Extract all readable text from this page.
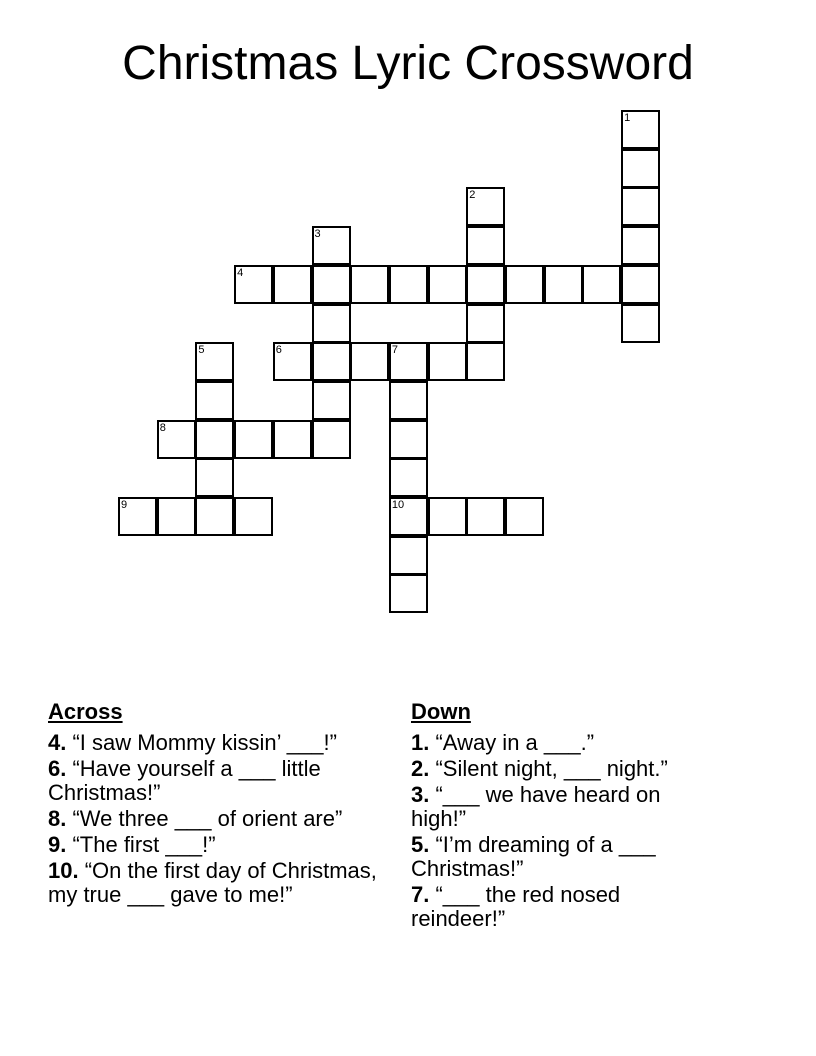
Christmas Lyric Crossword
1
2
3
4
5	6	7
10
8
9
Across
4. “I saw Mommy kissin’ ___!”
6. “Have yourself a ___ little Christmas!”
8. “We three ___ of orient are”
9. “The first ___!”
10. “On the first day of Christmas, my true ___ gave to me!”
Down
1. “Away in a ___.”
2. “Silent night, ___ night.”
3. “___ we have heard on high!”
5. “I’m dreaming of a ___ Christmas!”
7. “___ the red nosed reindeer!”
